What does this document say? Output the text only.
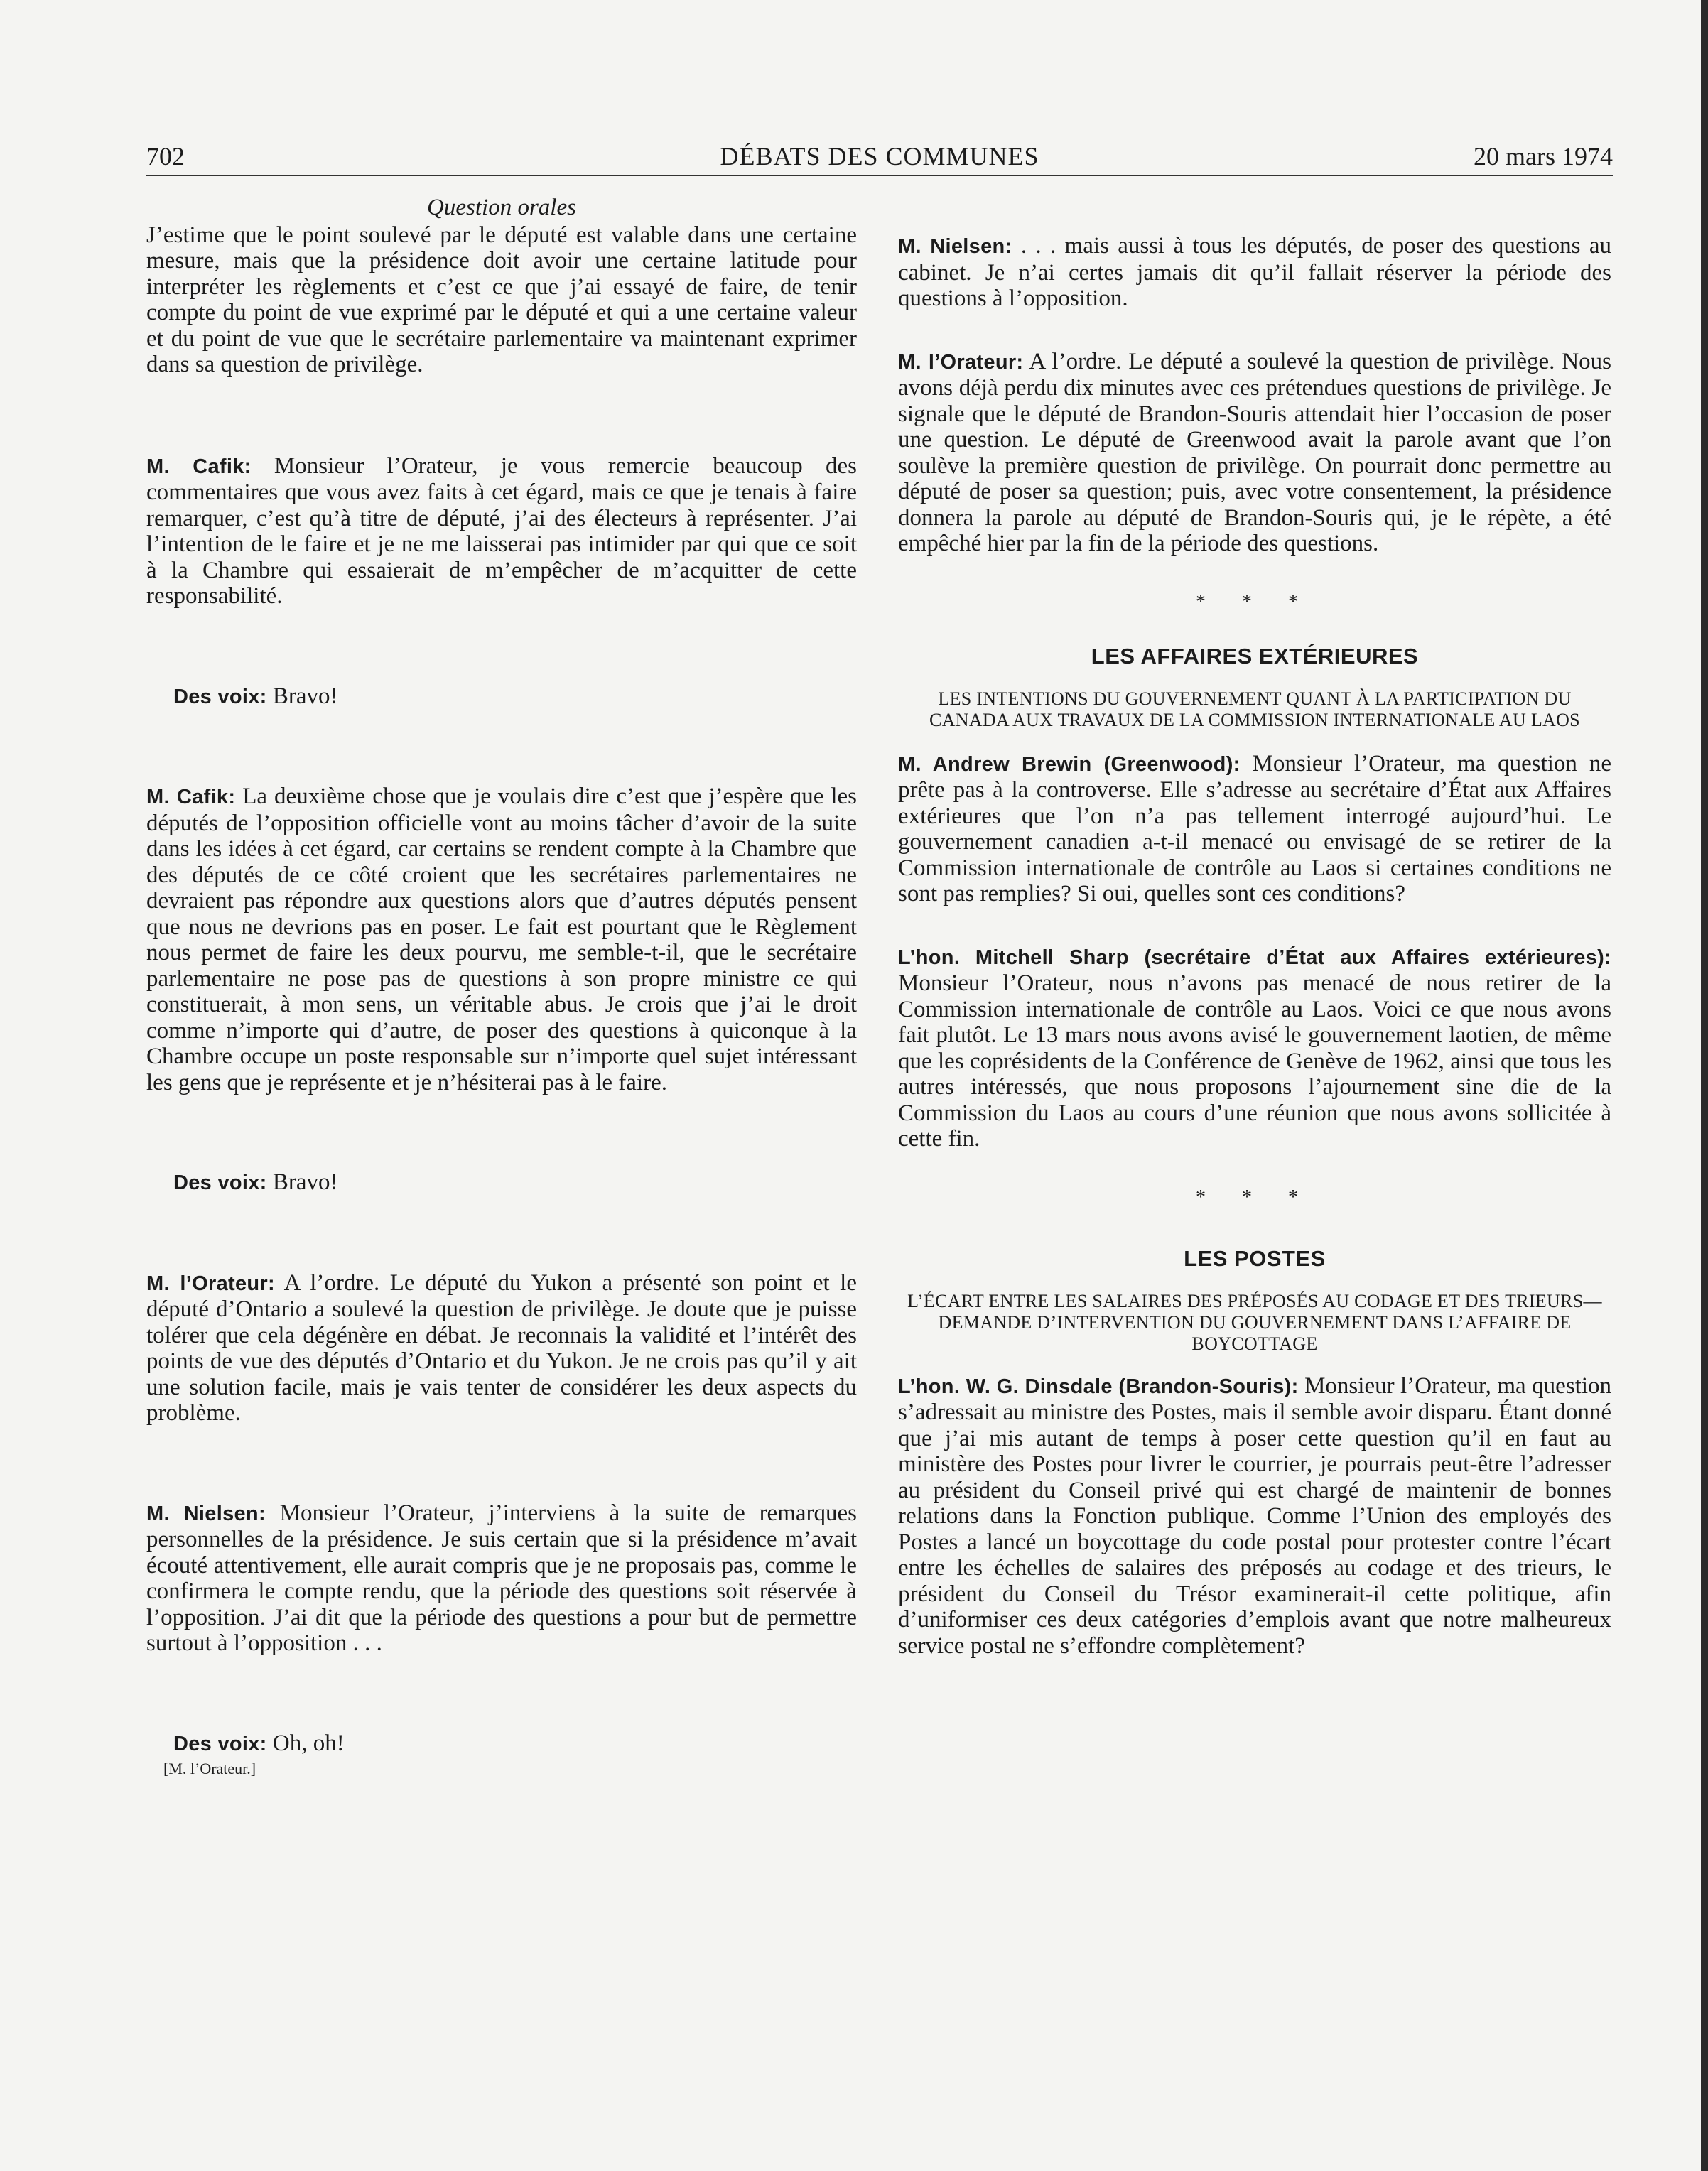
702	DÉBATS DES COMMUNES	20 mars 1974

Question orales

J’estime que le point soulevé par le député est valable dans une certaine mesure, mais que la présidence doit avoir une certaine latitude pour interpréter les règlements et c’est ce que j’ai essayé de faire, de tenir compte du point de vue exprimé par le député et qui a une certaine valeur et du point de vue que le secrétaire parlementaire va maintenant exprimer dans sa question de privilège.

M. Cafik: Monsieur l’Orateur, je vous remercie beaucoup des commentaires que vous avez faits à cet égard, mais ce que je tenais à faire remarquer, c’est qu’à titre de député, j’ai des électeurs à représenter. J’ai l’intention de le faire et je ne me laisserai pas intimider par qui que ce soit à la Chambre qui essaierait de m’empêcher de m’acquitter de cette responsabilité.

Des voix: Bravo!

M. Cafik: La deuxième chose que je voulais dire c’est que j’espère que les députés de l’opposition officielle vont au moins tâcher d’avoir de la suite dans les idées à cet égard, car certains se rendent compte à la Chambre que des députés de ce côté croient que les secrétaires parlementaires ne devraient pas répondre aux questions alors que d’autres députés pensent que nous ne devrions pas en poser. Le fait est pourtant que le Règlement nous permet de faire les deux pourvu, me semble-t-il, que le secrétaire parlementaire ne pose pas de questions à son propre ministre ce qui constituerait, à mon sens, un véritable abus. Je crois que j’ai le droit comme n’importe qui d’autre, de poser des questions à quiconque à la Chambre occupe un poste responsable sur n’importe quel sujet intéressant les gens que je représente et je n’hésiterai pas à le faire.

Des voix: Bravo!

M. l’Orateur: A l’ordre. Le député du Yukon a présenté son point et le député d’Ontario a soulevé la question de privilège. Je doute que je puisse tolérer que cela dégénère en débat. Je reconnais la validité et l’intérêt des points de vue des députés d’Ontario et du Yukon. Je ne crois pas qu’il y ait une solution facile, mais je vais tenter de considérer les deux aspects du problème.

M. Nielsen: Monsieur l’Orateur, j’interviens à la suite de remarques personnelles de la présidence. Je suis certain que si la présidence m’avait écouté attentivement, elle aurait compris que je ne proposais pas, comme le confirmera le compte rendu, que la période des questions soit réservée à l’opposition. J’ai dit que la période des questions a pour but de permettre surtout à l’opposition . . .

Des voix: Oh, oh!

[M. l’Orateur.]

M. Nielsen: . . . mais aussi à tous les députés, de poser des questions au cabinet. Je n’ai certes jamais dit qu’il fallait réserver la période des questions à l’opposition.

M. l’Orateur: A l’ordre. Le député a soulevé la question de privilège. Nous avons déjà perdu dix minutes avec ces prétendues questions de privilège. Je signale que le député de Brandon-Souris attendait hier l’occasion de poser une question. Le député de Greenwood avait la parole avant que l’on soulève la première question de privilège. On pourrait donc permettre au député de poser sa question; puis, avec votre consentement, la présidence donnera la parole au député de Brandon-Souris qui, je le répète, a été empêché hier par la fin de la période des questions.

* * *

LES AFFAIRES EXTÉRIEURES

LES INTENTIONS DU GOUVERNEMENT QUANT À LA PARTICIPATION DU CANADA AUX TRAVAUX DE LA COMMISSION INTERNATIONALE AU LAOS

M. Andrew Brewin (Greenwood): Monsieur l’Orateur, ma question ne prête pas à la controverse. Elle s’adresse au secrétaire d’État aux Affaires extérieures que l’on n’a pas tellement interrogé aujourd’hui. Le gouvernement canadien a-t-il menacé ou envisagé de se retirer de la Commission internationale de contrôle au Laos si certaines conditions ne sont pas remplies? Si oui, quelles sont ces conditions?

L’hon. Mitchell Sharp (secrétaire d’État aux Affaires extérieures): Monsieur l’Orateur, nous n’avons pas menacé de nous retirer de la Commission internationale de contrôle au Laos. Voici ce que nous avons fait plutôt. Le 13 mars nous avons avisé le gouvernement laotien, de même que les coprésidents de la Conférence de Genève de 1962, ainsi que tous les autres intéressés, que nous proposons l’ajournement sine die de la Commission du Laos au cours d’une réunion que nous avons sollicitée à cette fin.

* * *

LES POSTES

L’ÉCART ENTRE LES SALAIRES DES PRÉPOSÉS AU CODAGE ET DES TRIEURS—DEMANDE D’INTERVENTION DU GOUVERNEMENT DANS L’AFFAIRE DE BOYCOTTAGE

L’hon. W. G. Dinsdale (Brandon-Souris): Monsieur l’Orateur, ma question s’adressait au ministre des Postes, mais il semble avoir disparu. Étant donné que j’ai mis autant de temps à poser cette question qu’il en faut au ministère des Postes pour livrer le courrier, je pourrais peut-être l’adresser au président du Conseil privé qui est chargé de maintenir de bonnes relations dans la Fonction publique. Comme l’Union des employés des Postes a lancé un boycottage du code postal pour protester contre l’écart entre les échelles de salaires des préposés au codage et des trieurs, le président du Conseil du Trésor examinerait-il cette politique, afin d’uniformiser ces deux catégories d’emplois avant que notre malheureux service postal ne s’effondre complètement?
